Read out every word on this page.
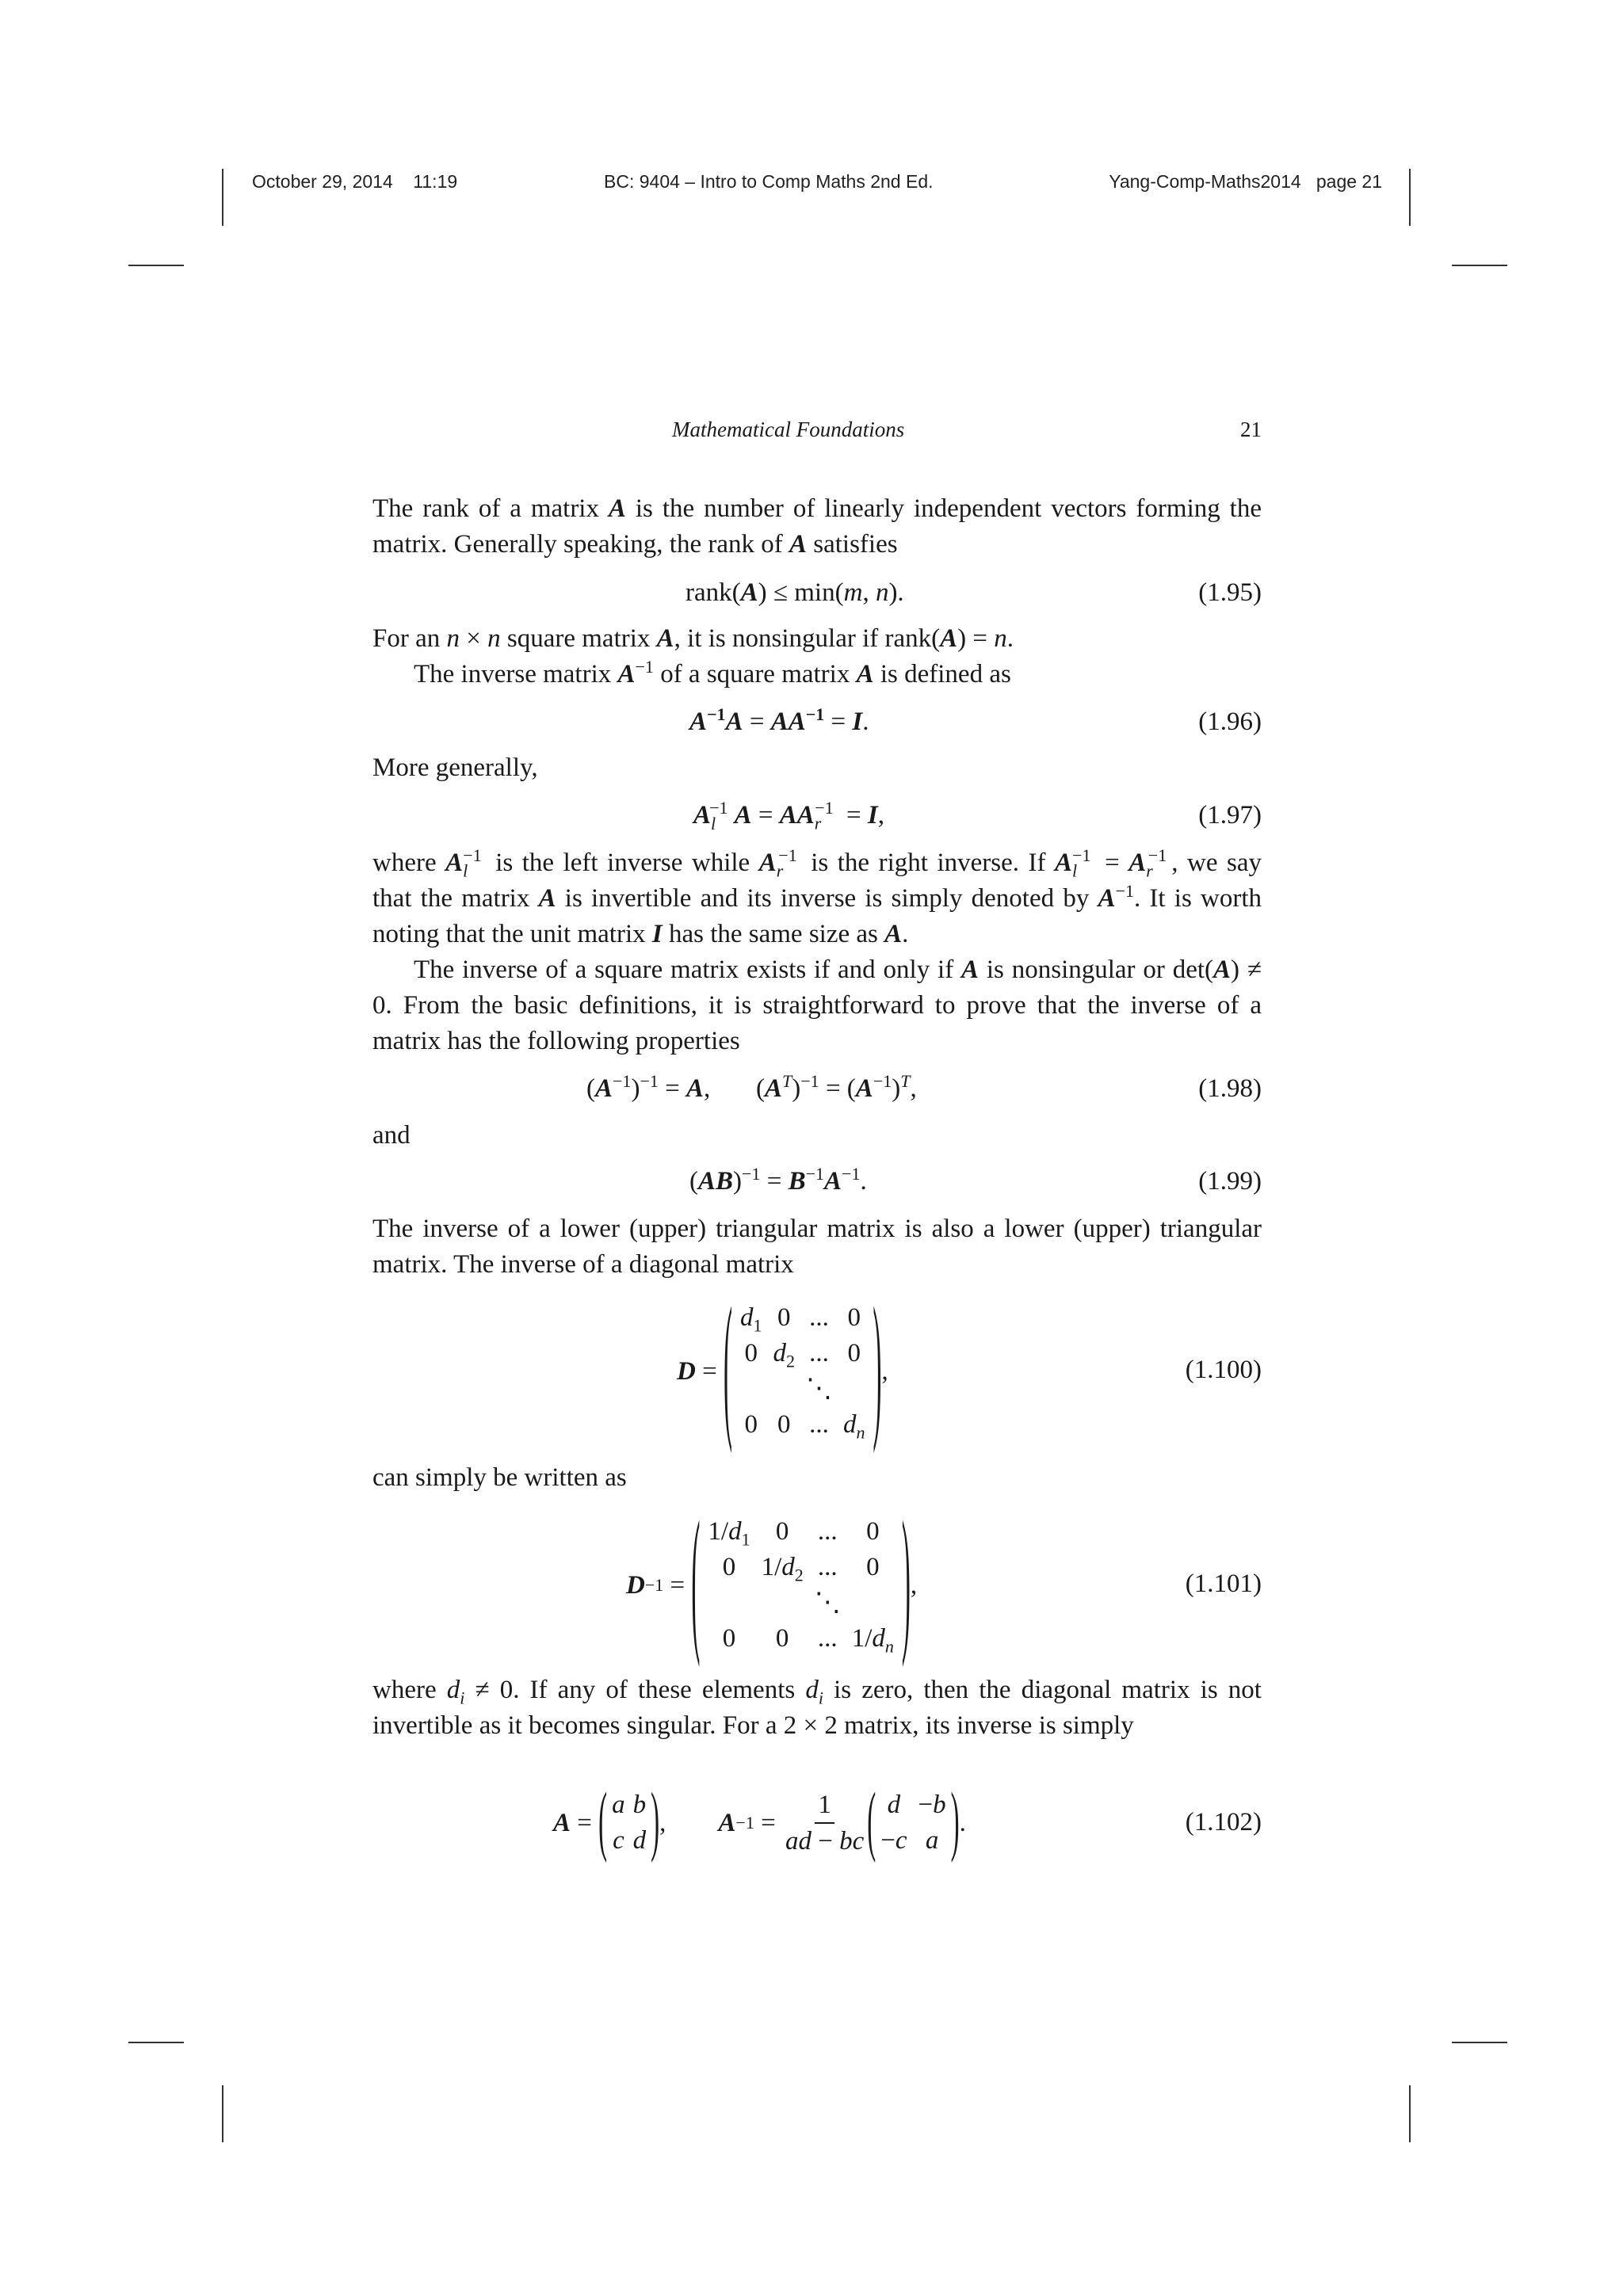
October 29, 2014 11:19	BC: 9404 – Intro to Comp Maths 2nd Ed.	Yang-Comp-Maths2014 page 21
Mathematical Foundations	21

The rank of a matrix A is the number of linearly independent vectors forming the matrix. Generally speaking, the rank of A satisfies

rank(A) ≤ min(m, n).	(1.95)

For an n × n square matrix A, it is nonsingular if rank(A) = n.

The inverse matrix $A^{-1}$ of a square matrix A is defined as

$A^{-1}A = AA^{-1} = I$.	(1.96)

More generally,

$A_l^{-1}$ $A = AA_r^{-1} = I$,	(1.97)

where $A_l^{-1}$ is the left inverse while $A_r^{-1}$ is the right inverse. If $A_l^{-1} = A_r^{-1}$ , we say that the matrix A is invertible and its inverse is simply denoted by $A^{-1}$. It is worth noting that the unit matrix I has the same size as A.

The inverse of a square matrix exists if and only if A is nonsingular or det(A) ≠ 0. From the basic definitions, it is straightforward to prove that the inverse of a matrix has the following properties

$(A^{-1})^{-1} = A$,       $(A^T)^{-1} = (A^{-1})^T$,	(1.98)

and

$(AB)^{-1} = B^{-1}A^{-1}$.	(1.99)

The inverse of a lower (upper) triangular matrix is also a lower (upper) triangular matrix. The inverse of a diagonal matrix

D = ( $d_1$ 0 ... 0
0 $d_2$ ... 0
⋱
0 0 ... $d_n$ ) ,	(1.100)

can simply be written as

D −1 = ( $1/d_1$ 0	...	0
0 $1/d_2$ ...	0
⋱
0	0	... $1/d_n$ ) ,	(1.101)

where $d_i \ne 0$. If any of these elements $d_i$ is zero, then the diagonal matrix is not invertible as it becomes singular. For a 2 × 2 matrix, its inverse is simply

A = ( a b
c d ) , $A -1 = \frac{1}{ad - bc}$ ( d −b
−c a ) .	(1.102)
